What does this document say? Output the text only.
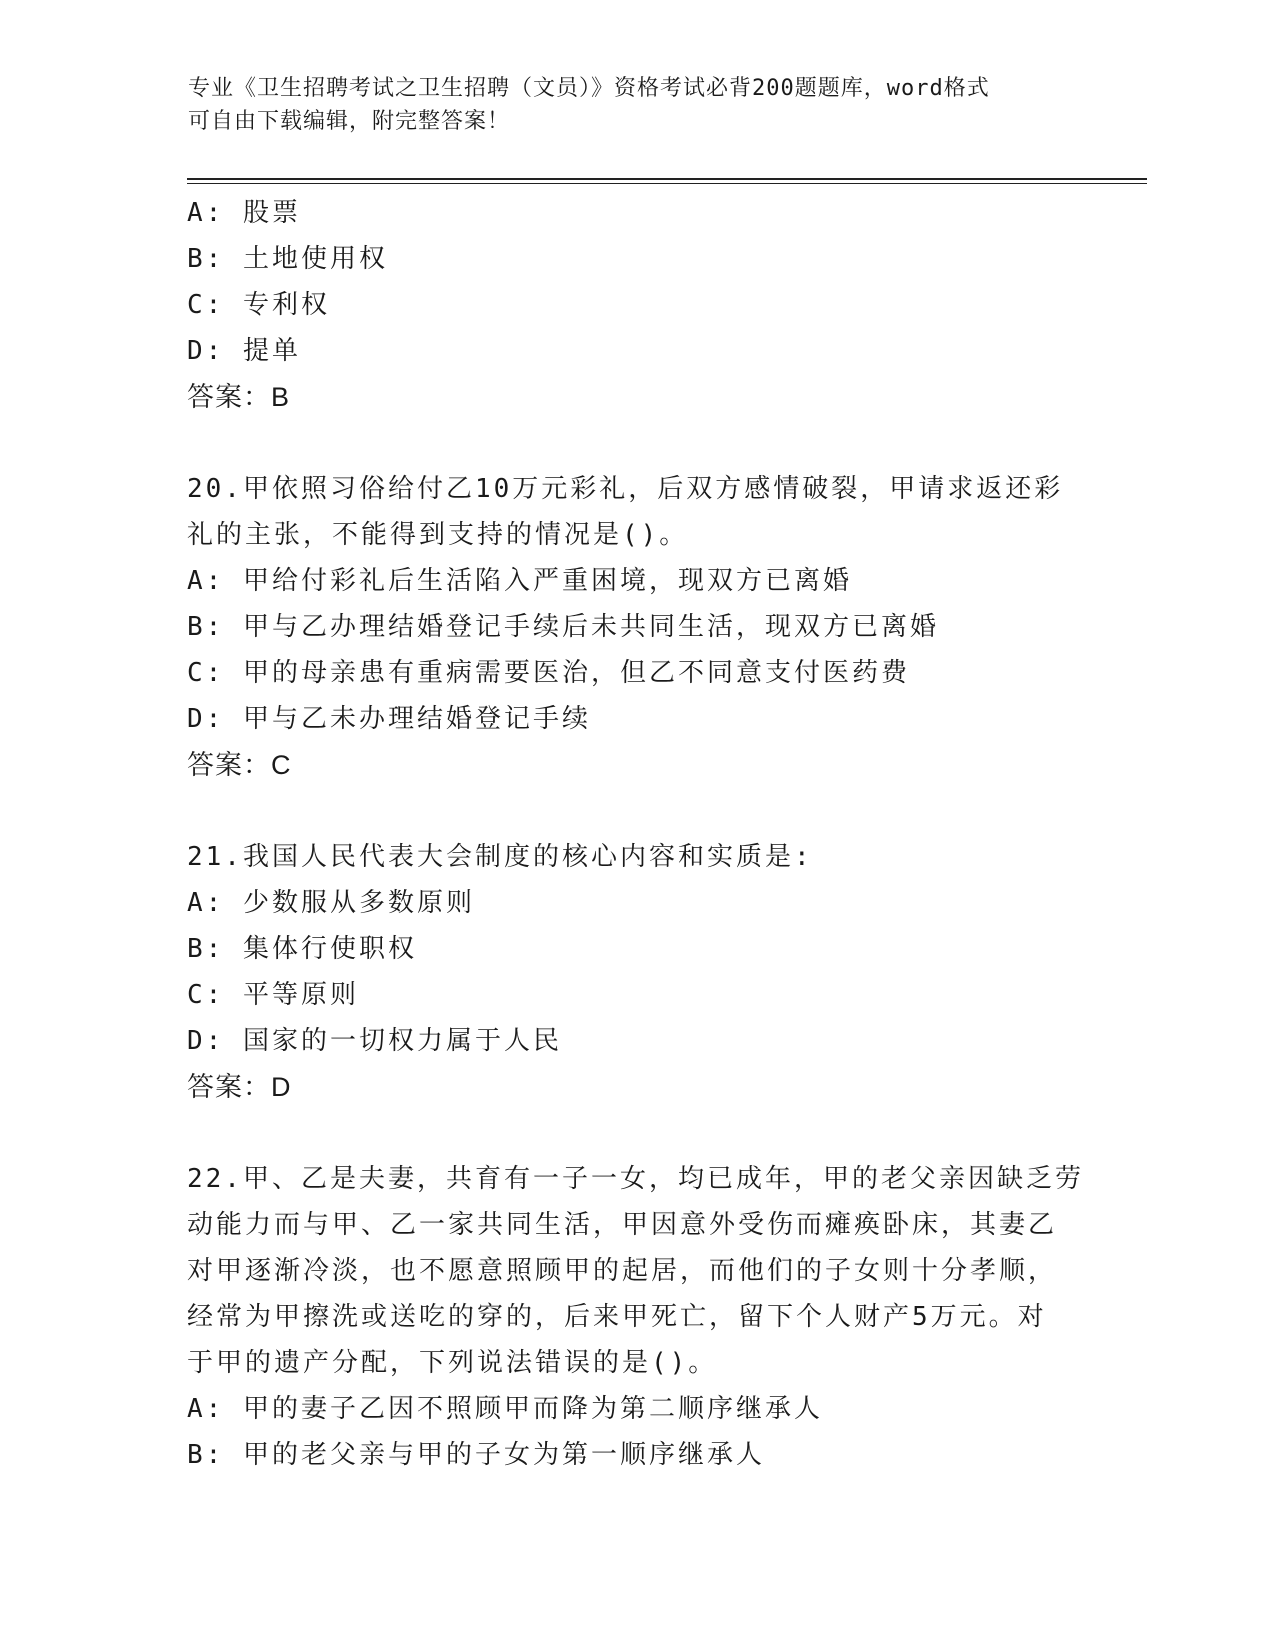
专业《卫生招聘考试之卫生招聘（文员）》资格考试必背200题题库，word格式
可自由下载编辑，附完整答案！
A: 股票
B: 土地使用权
C: 专利权
D: 提单
答案：B
20.甲依照习俗给付乙10万元彩礼，后双方感情破裂，甲请求返还彩
礼的主张，不能得到支持的情况是()。
A: 甲给付彩礼后生活陷入严重困境，现双方已离婚
B: 甲与乙办理结婚登记手续后未共同生活，现双方已离婚
C: 甲的母亲患有重病需要医治，但乙不同意支付医药费
D: 甲与乙未办理结婚登记手续
答案：C
21.我国人民代表大会制度的核心内容和实质是:
A: 少数服从多数原则
B: 集体行使职权
C: 平等原则
D: 国家的一切权力属于人民
答案：D
22.甲、乙是夫妻，共育有一子一女，均已成年，甲的老父亲因缺乏劳
动能力而与甲、乙一家共同生活，甲因意外受伤而瘫痪卧床，其妻乙
对甲逐渐冷淡，也不愿意照顾甲的起居，而他们的子女则十分孝顺，
经常为甲擦洗或送吃的穿的，后来甲死亡，留下个人财产5万元。对
于甲的遗产分配，下列说法错误的是()。
A: 甲的妻子乙因不照顾甲而降为第二顺序继承人
B: 甲的老父亲与甲的子女为第一顺序继承人
